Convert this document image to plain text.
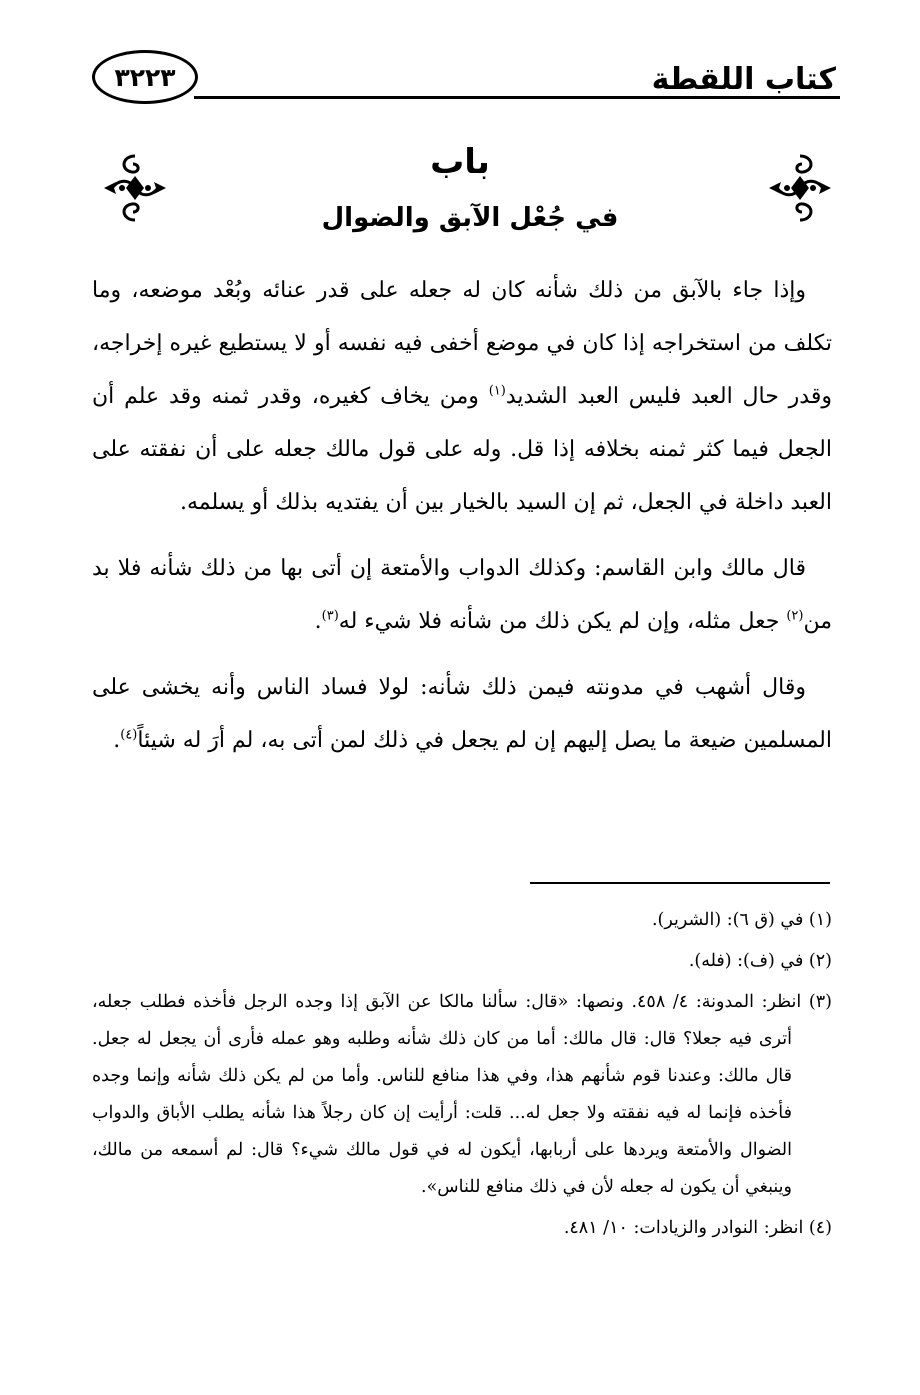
٣٢٢٣	كتاب اللقطة
باب
في جُعْل الآبق والضوال

وإذا جاء بالآبق من ذلك شأنه كان له جعله على قدر عنائه وبُعْد موضعه، وما تكلف من استخراجه إذا كان في موضع أخفى فيه نفسه أو لا يستطيع غيره إخراجه، وقدر حال العبد فليس العبد الشديد$^{(١)}$ ومن يخاف كغيره، وقدر ثمنه وقد علم أن الجعل فيما كثر ثمنه بخلافه إذا قل. وله على قول مالك جعله على أن نفقته على العبد داخلة في الجعل، ثم إن السيد بالخيار بين أن يفتديه بذلك أو يسلمه.

قال مالك وابن القاسم: وكذلك الدواب والأمتعة إن أتى بها من ذلك شأنه فلا بد من$^{(٢)}$ جعل مثله، وإن لم يكن ذلك من شأنه فلا شيء له$^{(٣)}$.

وقال أشهب في مدونته فيمن ذلك شأنه: لولا فساد الناس وأنه يخشى على المسلمين ضيعة ما يصل إليهم إن لم يجعل في ذلك لمن أتى به، لم أرَ له شيئاً$^{(٤)}$.

(١) في (ق ٦): (الشرير).

(٢) في (ف): (فله).

(٣) انظر: المدونة: ٤/ ٤٥٨. ونصها: «قال: سألنا مالكا عن الآبق إذا وجده الرجل فأخذه فطلب جعله، أترى فيه جعلا؟ قال: قال مالك: أما من كان ذلك شأنه وطلبه وهو عمله فأرى أن يجعل له جعل. قال مالك: وعندنا قوم شأنهم هذا، وفي هذا منافع للناس. وأما من لم يكن ذلك شأنه وإنما وجده فأخذه فإنما له فيه نفقته ولا جعل له... قلت: أرأيت إن كان رجلاً هذا شأنه يطلب الأباق والدواب الضوال والأمتعة ويردها على أربابها، أيكون له في قول مالك شيء؟ قال: لم أسمعه من مالك، وينبغي أن يكون له جعله لأن في ذلك منافع للناس».

(٤) انظر: النوادر والزيادات: ١٠/ ٤٨١.
